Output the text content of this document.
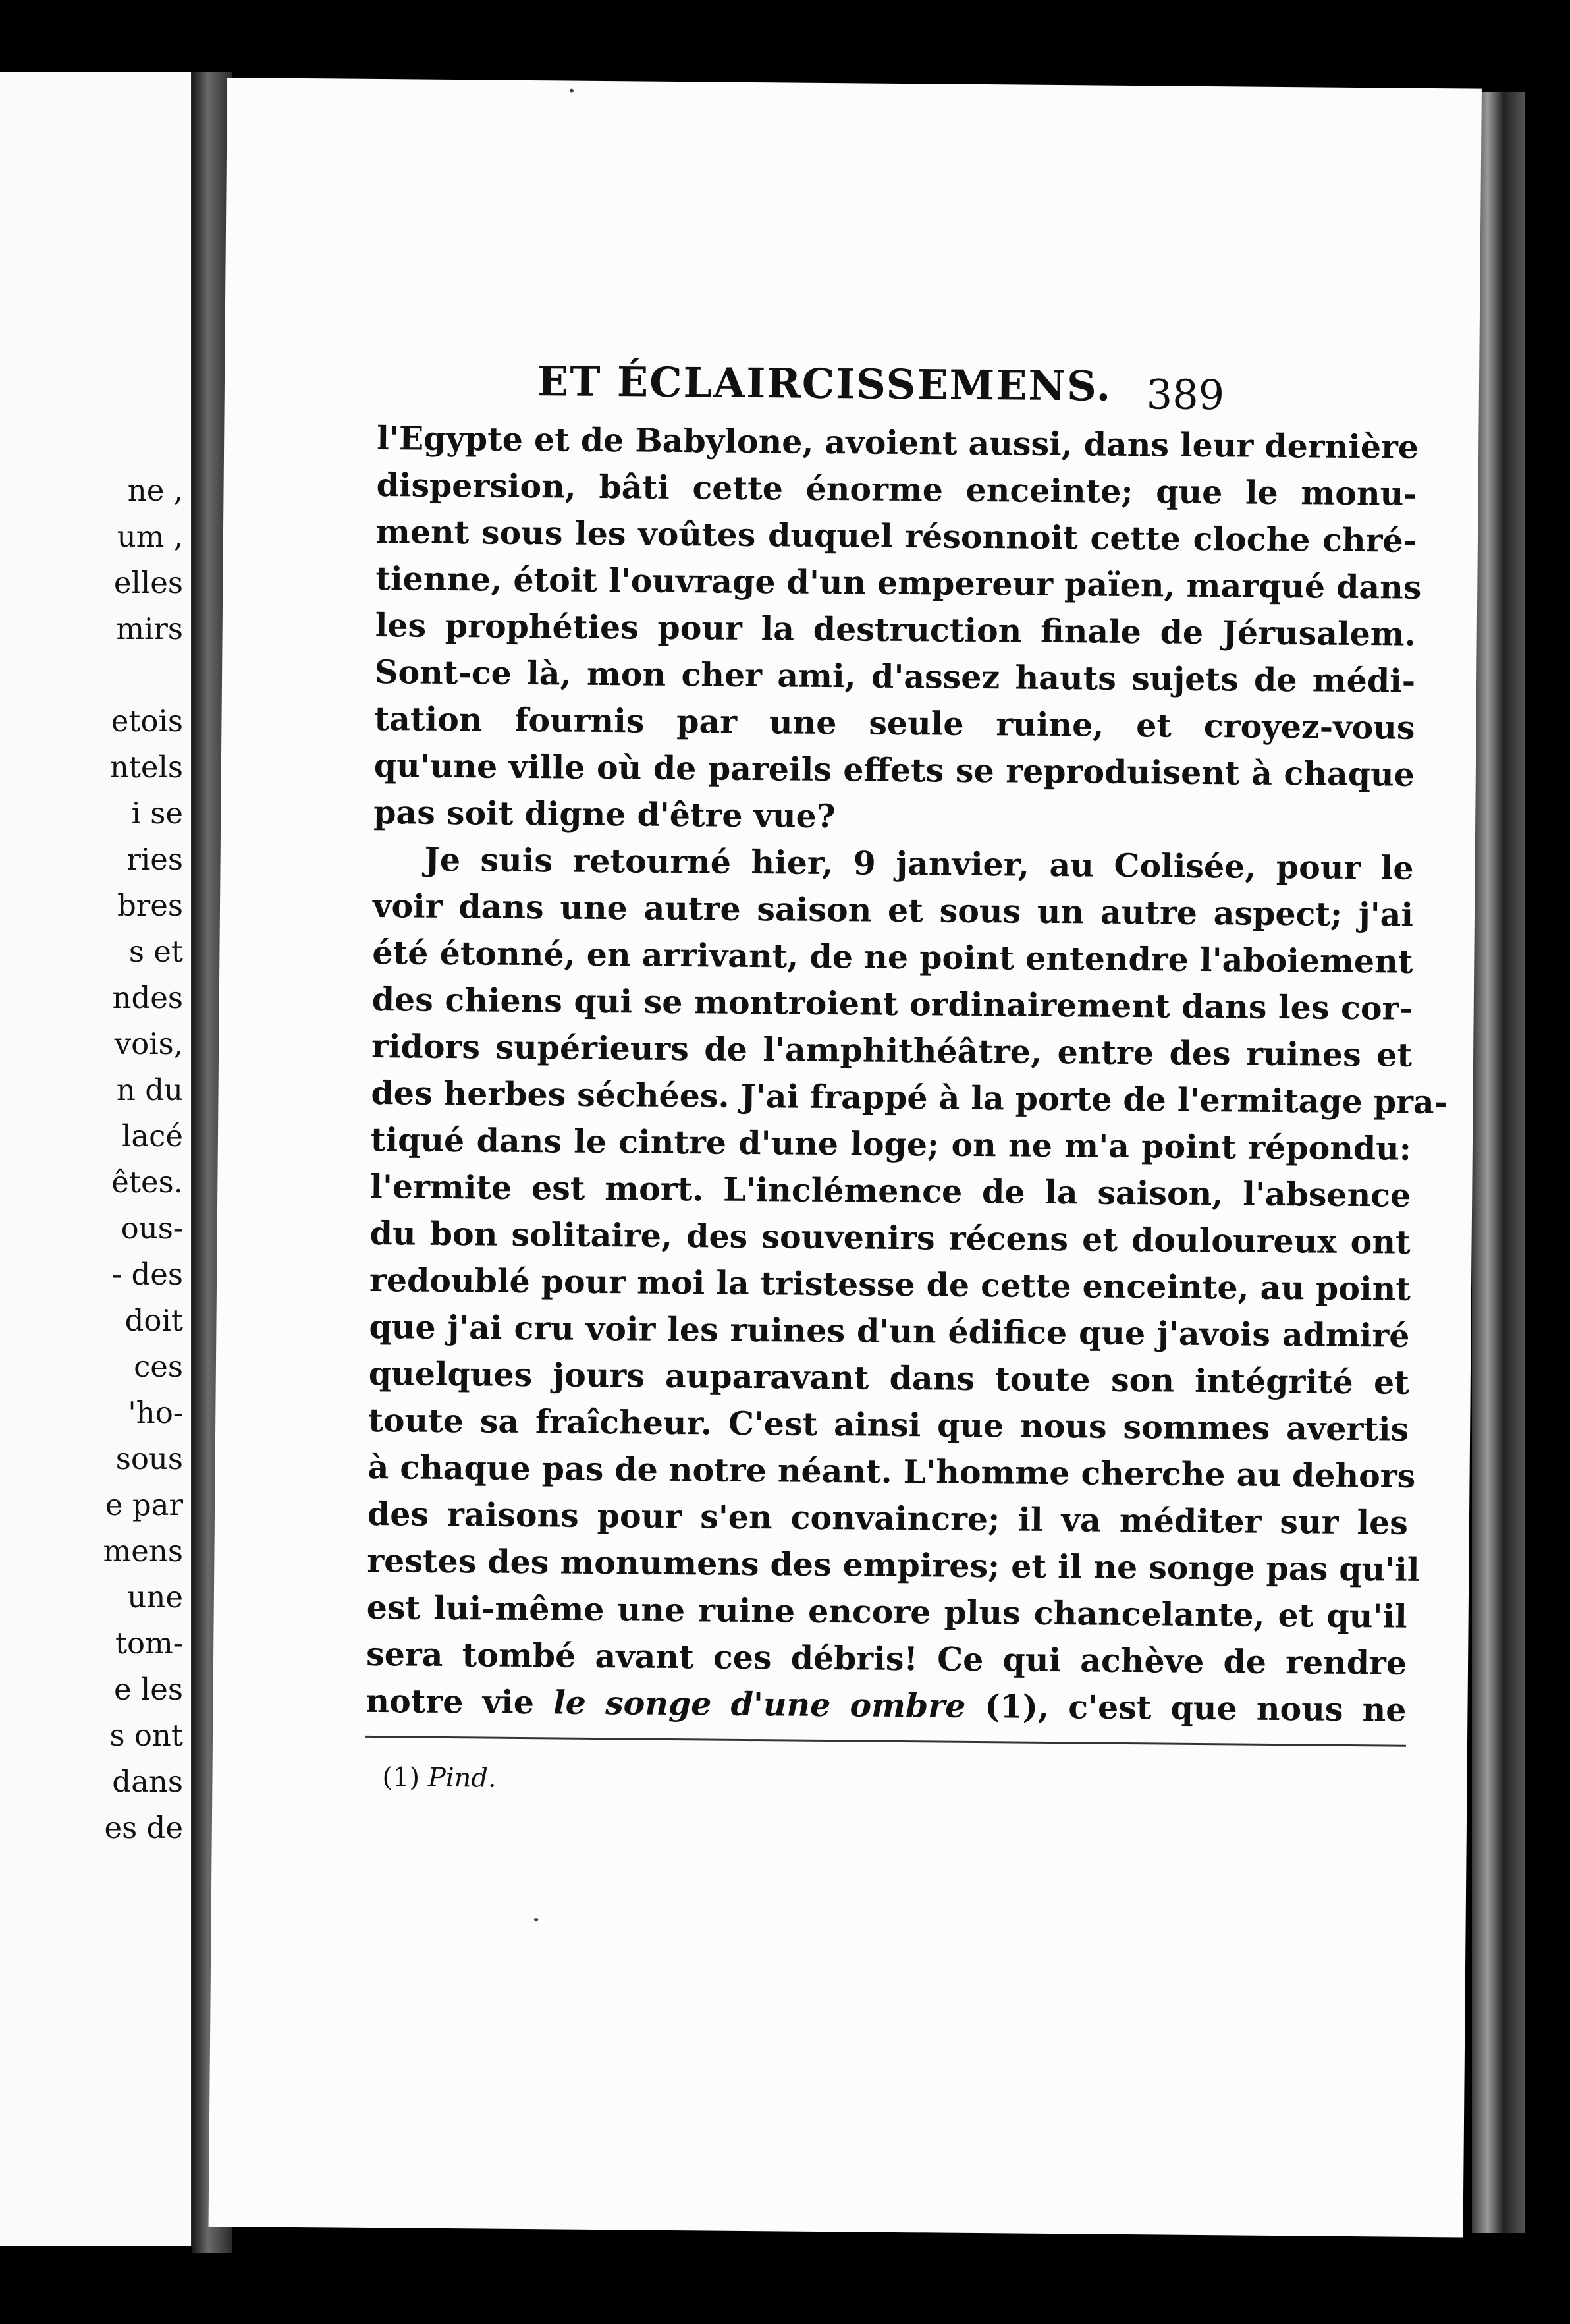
ne ,
um ,
elles
mirs
etois
ntels
i se
ries
bres
s et
ndes
vois,
n du
lacé
êtes.
ous-
- des
doit
ces
'ho-
sous
e par
mens
une
tom-
e les
s ont
dans
es de
ET ÉCLAIRCISSEMENS. 389
l'Egypte et de Babylone, avoient aussi, dans leur dernière
dispersion, bâti cette énorme enceinte; que le monu-
ment sous les voûtes duquel résonnoit cette cloche chré-
tienne, étoit l'ouvrage d'un empereur païen, marqué dans
les prophéties pour la destruction finale de Jérusalem.
Sont-ce là, mon cher ami, d'assez hauts sujets de médi-
tation fournis par une seule ruine, et croyez-vous
qu'une ville où de pareils effets se reproduisent à chaque
pas soit digne d'être vue?
Je suis retourné hier, 9 janvier, au Colisée, pour le
voir dans une autre saison et sous un autre aspect; j'ai
été étonné, en arrivant, de ne point entendre l'aboiement
des chiens qui se montroient ordinairement dans les cor-
ridors supérieurs de l'amphithéâtre, entre des ruines et
des herbes séchées. J'ai frappé à la porte de l'ermitage pra-
tiqué dans le cintre d'une loge; on ne m'a point répondu:
l'ermite est mort. L'inclémence de la saison, l'absence
du bon solitaire, des souvenirs récens et douloureux ont
redoublé pour moi la tristesse de cette enceinte, au point
que j'ai cru voir les ruines d'un édifice que j'avois admiré
quelques jours auparavant dans toute son intégrité et
toute sa fraîcheur. C'est ainsi que nous sommes avertis
à chaque pas de notre néant. L'homme cherche au dehors
des raisons pour s'en convaincre; il va méditer sur les
restes des monumens des empires; et il ne songe pas qu'il
est lui-même une ruine encore plus chancelante, et qu'il
sera tombé avant ces débris! Ce qui achève de rendre
notre vie le songe d'une ombre (1), c'est que nous ne
(1) Pind.
